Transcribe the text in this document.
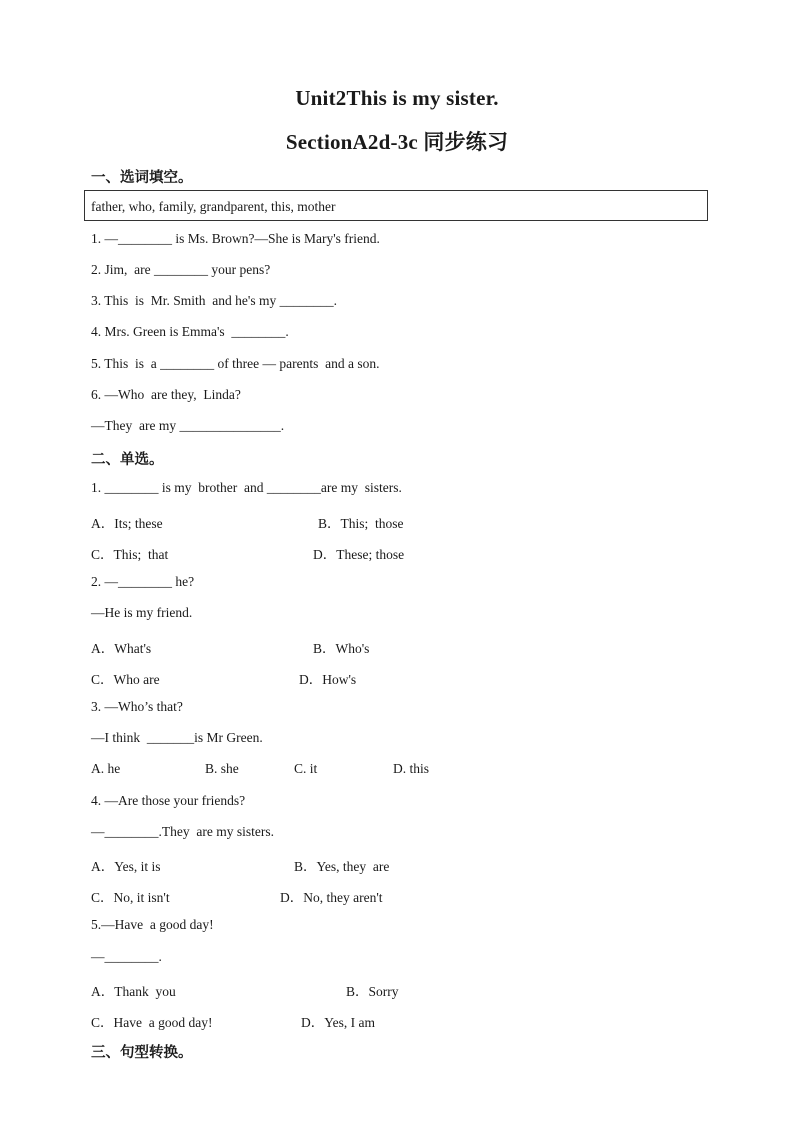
Unit2This is my sister.
SectionA2d-3c 同步练习
一、选词填空。
father, who, family, grandparent, this, mother
1. —________ is Ms. Brown?—She is Mary's friend.
2. Jim,  are ________ your pens?
3. This  is  Mr. Smith  and he's my ________.
4. Mrs. Green is Emma's  ________.
5. This  is  a ________ of three — parents  and a son.
6. —Who  are they,  Linda?
—They  are my _______________.
二、单选。
1. ________ is my  brother  and ________are my  sisters.
A．Its; these	B．This;  those
C．This;  that	D．These; those
2. —________ he?
—He is my friend.
A．What's	B．Who's
C．Who are	D．How's
3. —Who’s that?
—I think  _______is Mr Green.
A. he	B. she	C. it	D. this
4. —Are those your friends?
—________.They  are my sisters.
A．Yes, it is	B．Yes, they  are
C．No, it isn't	D．No, they aren't
5.—Have  a good day!
—________.
A．Thank  you	B．Sorry
C．Have  a good day!	D．Yes, I am
三、句型转换。
